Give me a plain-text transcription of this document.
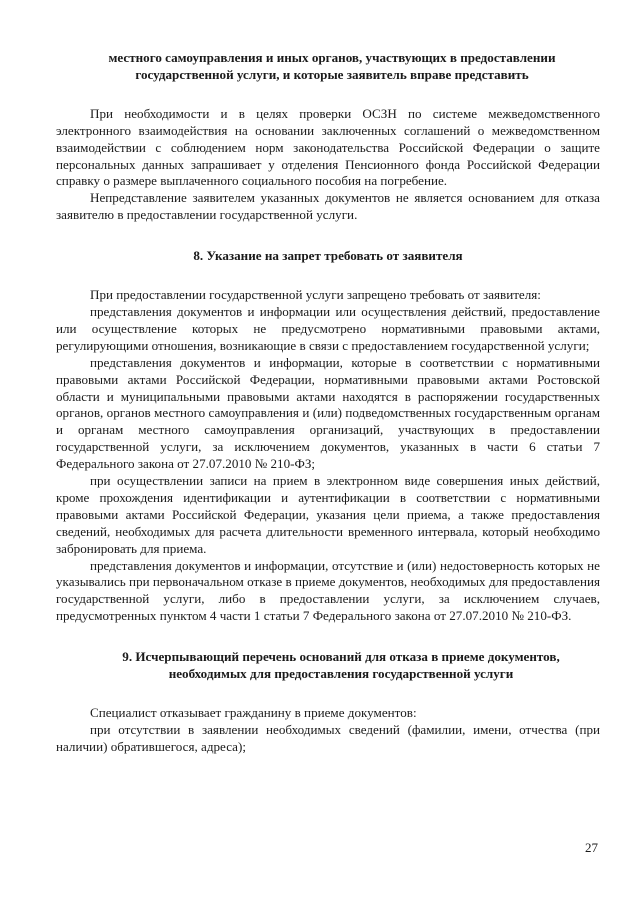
местного самоуправления и иных органов, участвующих в предоставлении государственной услуги, и которые заявитель вправе представить

При необходимости и в целях проверки ОСЗН по системе межведомственного электронного взаимодействия на основании заключенных соглашений о межведомственном взаимодействии с соблюдением норм законодательства Российской Федерации о защите персональных данных запрашивает у отделения Пенсионного фонда Российской Федерации справку о размере выплаченного социального пособия на погребение.

Непредставление заявителем указанных документов не является основанием для отказа заявителю в предоставлении государственной услуги.

8. Указание на запрет требовать от заявителя

При предоставлении государственной услуги запрещено требовать от заявителя:

представления документов и информации или осуществления действий, предоставление или осуществление которых не предусмотрено нормативными правовыми актами, регулирующими отношения, возникающие в связи с предоставлением государственной услуги;

представления документов и информации, которые в соответствии с нормативными правовыми актами Российской Федерации, нормативными правовыми актами Ростовской области и муниципальными правовыми актами находятся в распоряжении государственных органов, органов местного самоуправления и (или) подведомственных государственным органам и органам местного самоуправления организаций, участвующих в предоставлении государственной услуги, за исключением документов, указанных в части 6 статьи 7 Федерального закона от 27.07.2010 № 210-ФЗ;

при осуществлении записи на прием в электронном виде совершения иных действий, кроме прохождения идентификации и аутентификации в соответствии с нормативными правовыми актами Российской Федерации, указания цели приема, а также предоставления сведений, необходимых для расчета длительности временного интервала, который необходимо забронировать для приема.

представления документов и информации, отсутствие и (или) недостоверность которых не указывались при первоначальном отказе в приеме документов, необходимых для предоставления государственной услуги, либо в предоставлении услуги, за исключением случаев, предусмотренных пунктом 4 части 1 статьи 7 Федерального закона от 27.07.2010 № 210-ФЗ.

9. Исчерпывающий перечень оснований для отказа в приеме документов, необходимых для предоставления государственной услуги

Специалист отказывает гражданину в приеме документов:

при отсутствии в заявлении необходимых сведений (фамилии, имени, отчества (при наличии) обратившегося, адреса);

27
